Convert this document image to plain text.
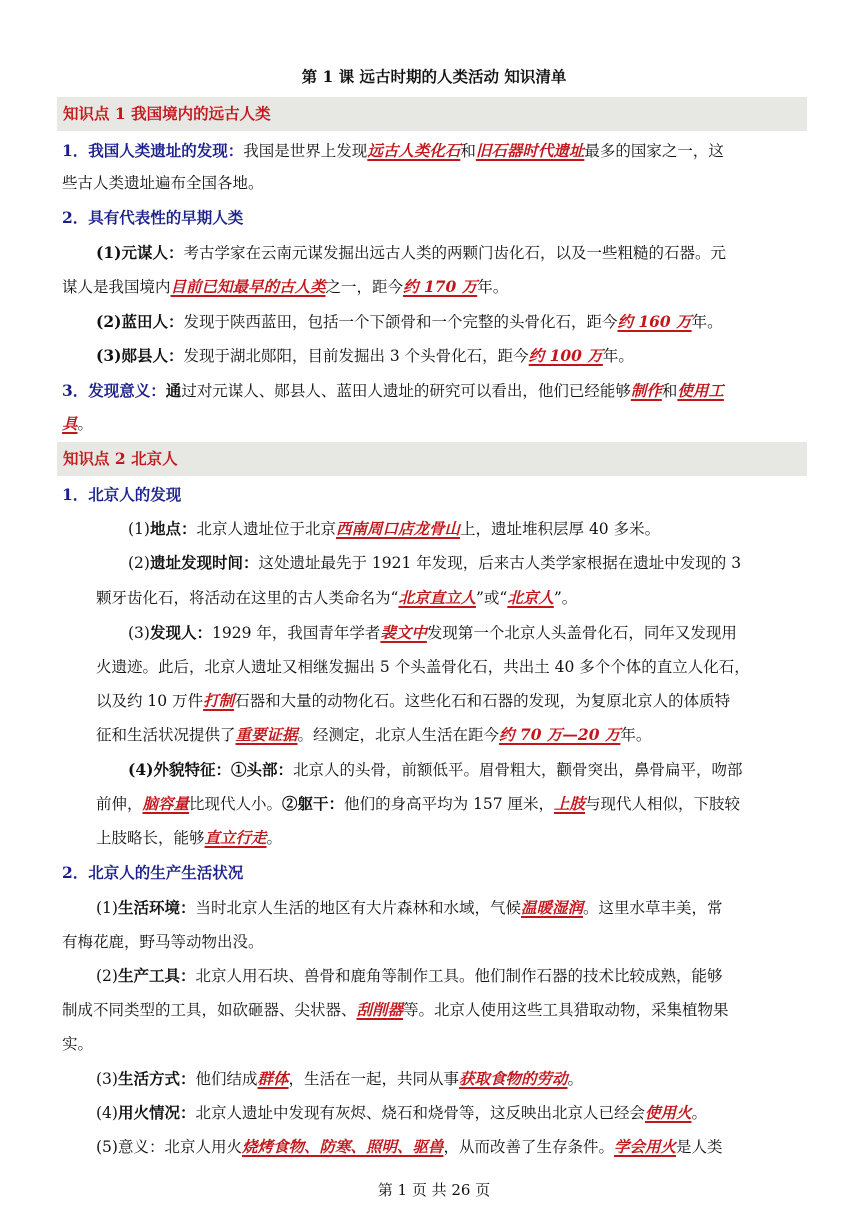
第 1 课 远古时期的人类活动 知识清单
知识点 1 我国境内的远古人类
1．我国人类遗址的发现：我国是世界上发现远古人类化石和旧石器时代遗址最多的国家之一，这
些古人类遗址遍布全国各地。
2．具有代表性的早期人类
(1)元谋人：考古学家在云南元谋发掘出远古人类的两颗门齿化石，以及一些粗糙的石器。元
谋人是我国境内目前已知最早的古人类之一，距今约 170 万年。
(2)蓝田人：发现于陕西蓝田，包括一个下颌骨和一个完整的头骨化石，距今约 160 万年。
(3)郧县人：发现于湖北郧阳，目前发掘出 3 个头骨化石，距今约 100 万年。
3．发现意义：通过对元谋人、郧县人、蓝田人遗址的研究可以看出，他们已经能够制作和使用工
具。
知识点 2 北京人
1．北京人的发现
(1)地点：北京人遗址位于北京西南周口店龙骨山上，遗址堆积层厚 40 多米。
(2)遗址发现时间：这处遗址最先于 1921 年发现，后来古人类学家根据在遗址中发现的 3
颗牙齿化石，将活动在这里的古人类命名为“北京直立人”或“北京人”。
(3)发现人：1929 年，我国青年学者裴文中发现第一个北京人头盖骨化石，同年又发现用
火遗迹。此后，北京人遗址又相继发掘出 5 个头盖骨化石，共出土 40 多个个体的直立人化石，
以及约 10 万件打制石器和大量的动物化石。这些化石和石器的发现，为复原北京人的体质特
征和生活状况提供了重要证据。经测定，北京人生活在距今约 70 万—20 万年。
(4)外貌特征：①头部：北京人的头骨，前额低平。眉骨粗大，颧骨突出，鼻骨扁平，吻部
前伸，脑容量比现代人小。②躯干：他们的身高平均为 157 厘米，上肢与现代人相似，下肢较
上肢略长，能够直立行走。
2．北京人的生产生活状况
(1)生活环境：当时北京人生活的地区有大片森林和水域，气候温暖湿润。这里水草丰美，常
有梅花鹿，野马等动物出没。
(2)生产工具：北京人用石块、兽骨和鹿角等制作工具。他们制作石器的技术比较成熟，能够
制成不同类型的工具，如砍砸器、尖状器、刮削器等。北京人使用这些工具猎取动物，采集植物果
实。
(3)生活方式：他们结成群体，生活在一起，共同从事获取食物的劳动。
(4)用火情况：北京人遗址中发现有灰烬、烧石和烧骨等，这反映出北京人已经会使用火。
(5)意义：北京人用火烧烤食物、防寒、照明、驱兽，从而改善了生存条件。学会用火是人类
第 1 页 共 26 页
